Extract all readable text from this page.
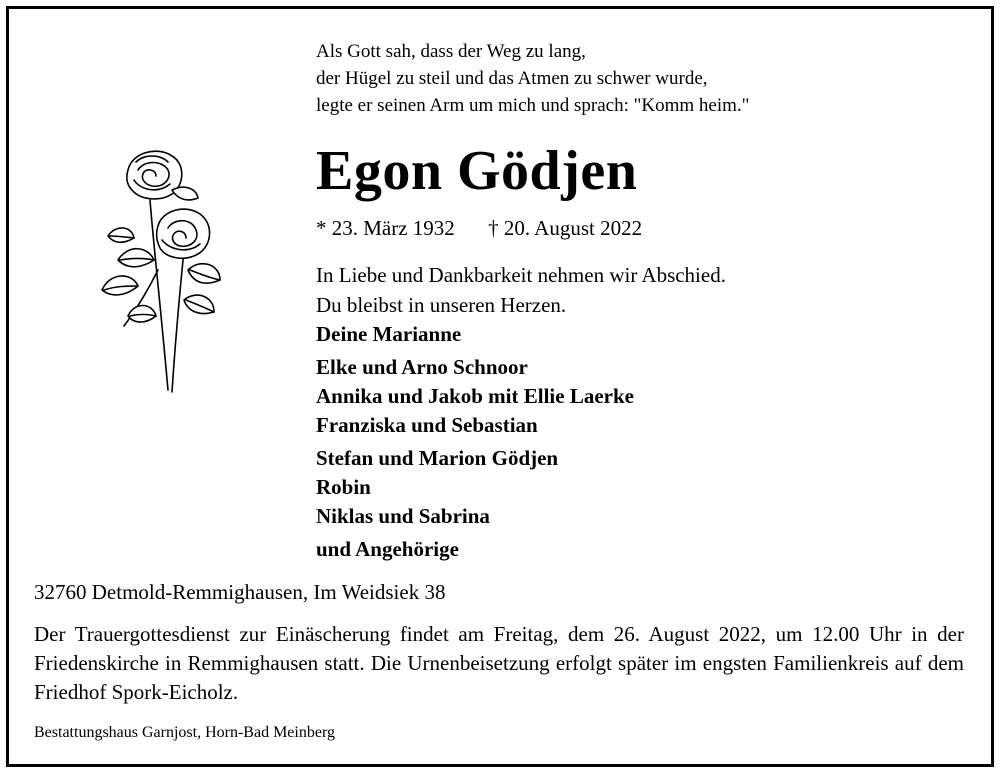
Als Gott sah, dass der Weg zu lang,
der Hügel zu steil und das Atmen zu schwer wurde,
legte er seinen Arm um mich und sprach: "Komm heim."
Egon Gödjen
* 23. März 1932 † 20. August 2022
In Liebe und Dankbarkeit nehmen wir Abschied.
Du bleibst in unseren Herzen.
Deine Marianne
Elke und Arno Schnoor
Annika und Jakob mit Ellie Laerke
Franziska und Sebastian
Stefan und Marion Gödjen
Robin
Niklas und Sabrina
und Angehörige
32760 Detmold-Remmighausen, Im Weidsiek 38
Der Trauergottesdienst zur Einäscherung findet am Freitag, dem 26. August 2022, um 12.00 Uhr in der Friedenskirche in Remmighausen statt. Die Urnenbeisetzung erfolgt später im engsten Familienkreis auf dem Friedhof Spork-Eicholz.
Bestattungshaus Garnjost, Horn-Bad Meinberg
